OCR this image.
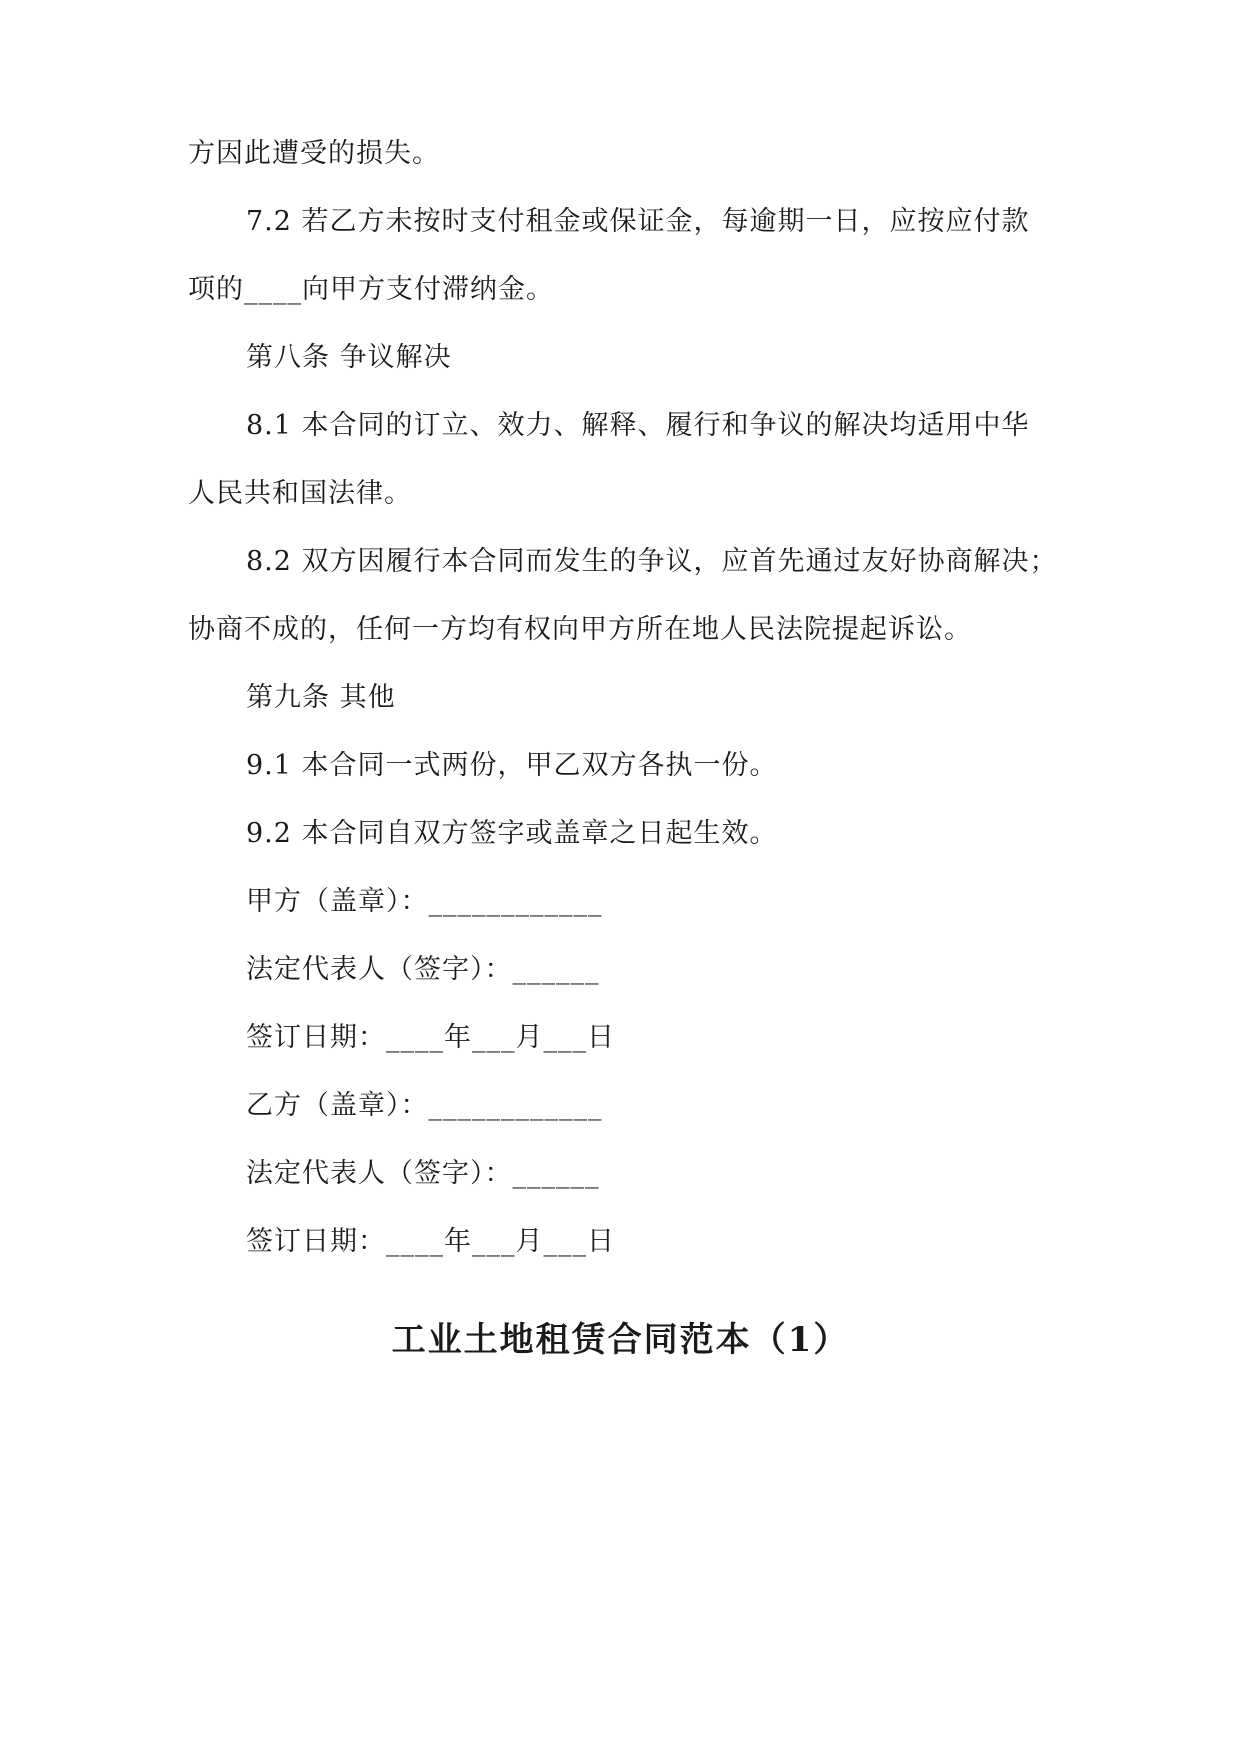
方因此遭受的损失。
7.2 若乙方未按时支付租金或保证金，每逾期一日，应按应付款
项的____向甲方支付滞纳金。
第八条 争议解决
8.1 本合同的订立、效力、解释、履行和争议的解决均适用中华
人民共和国法律。
8.2 双方因履行本合同而发生的争议，应首先通过友好协商解决；
协商不成的，任何一方均有权向甲方所在地人民法院提起诉讼。
第九条 其他
9.1 本合同一式两份，甲乙双方各执一份。
9.2 本合同自双方签字或盖章之日起生效。
甲方（盖章）：____________
法定代表人（签字）：______
签订日期：____年___月___日
乙方（盖章）：____________
法定代表人（签字）：______
签订日期：____年___月___日
工业土地租赁合同范本（1）
